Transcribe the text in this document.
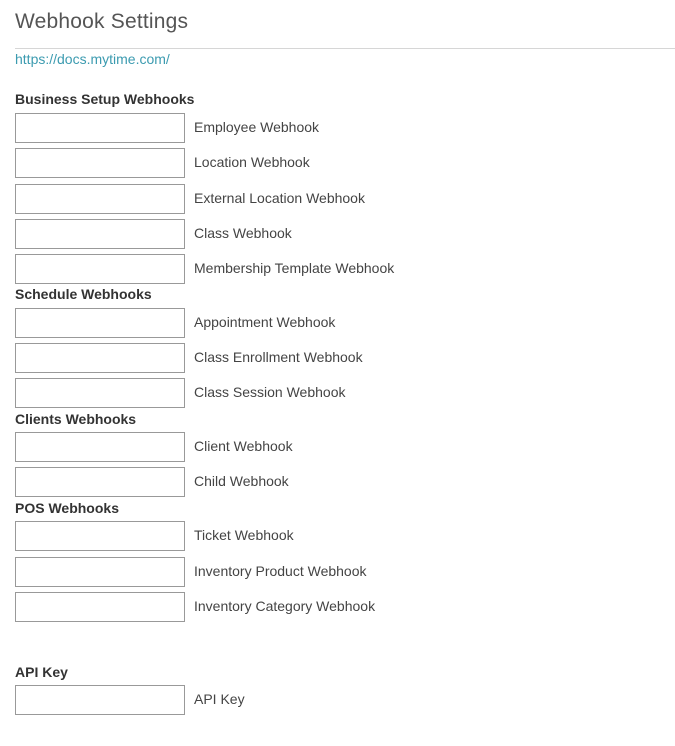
Webhook Settings
https://docs.mytime.com/
Business Setup Webhooks
Employee Webhook
Location Webhook
External Location Webhook
Class Webhook
Membership Template Webhook
Schedule Webhooks
Appointment Webhook
Class Enrollment Webhook
Class Session Webhook
Clients Webhooks
Client Webhook
Child Webhook
POS Webhooks
Ticket Webhook
Inventory Product Webhook
Inventory Category Webhook
API Key
API Key
